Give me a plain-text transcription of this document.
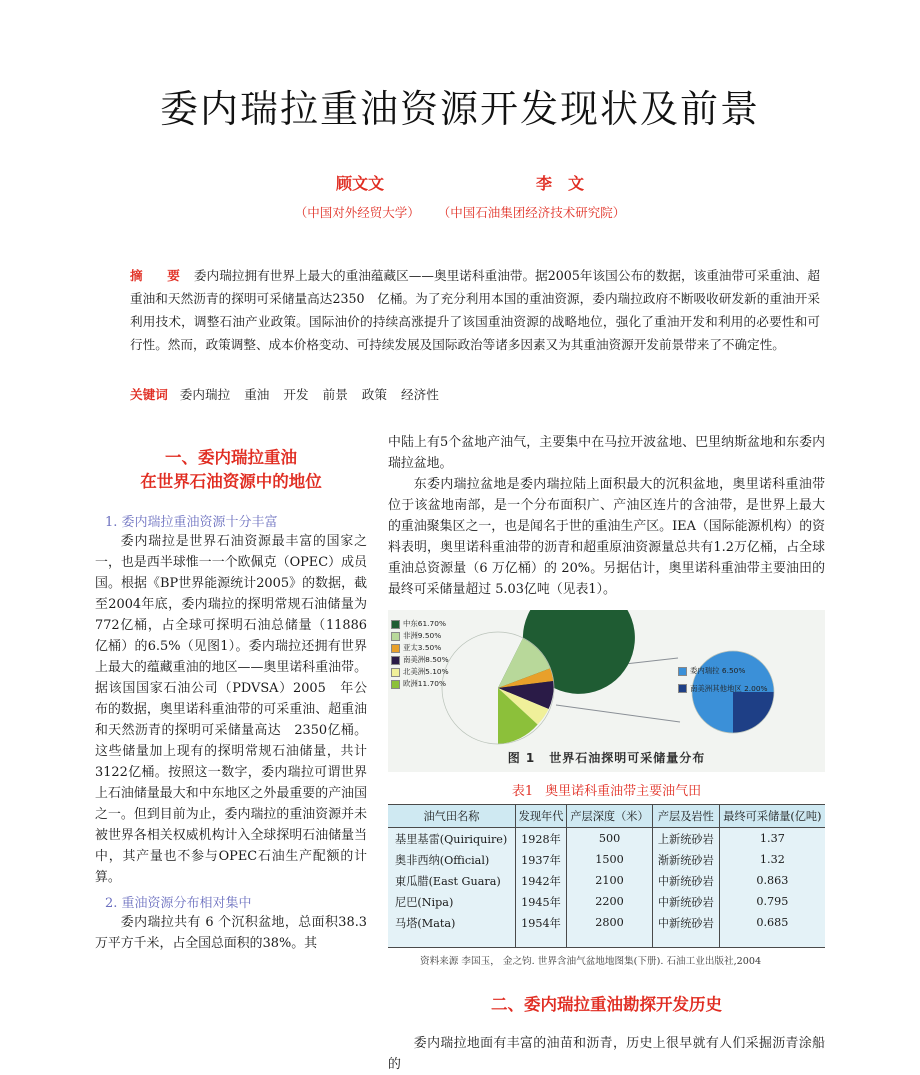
委内瑞拉重油资源开发现状及前景
顾文文	李　文
（中国对外经贸大学） （中国石油集团经济技术研究院）
摘　要 委内瑞拉拥有世界上最大的重油蕴藏区——奥里诺科重油带。据2005年该国公布的数据，该重油带可采重油、超重油和天然沥青的探明可采储量高达2350　亿桶。为了充分利用本国的重油资源，委内瑞拉政府不断吸收研发新的重油开采利用技术，调整石油产业政策。国际油价的持续高涨提升了该国重油资源的战略地位，强化了重油开发和利用的必要性和可行性。然而，政策调整、成本价格变动、可持续发展及国际政治等诸多因素又为其重油资源开发前景带来了不确定性。
关键词 委内瑞拉 重油 开发 前景 政策 经济性
一、委内瑞拉重油
在世界石油资源中的地位
1. 委内瑞拉重油资源十分丰富

委内瑞拉是世界石油资源最丰富的国家之一，也是西半球惟一一个欧佩克（OPEC）成员国。根据《BP世界能源统计2005》的数据，截至2004年底，委内瑞拉的探明常规石油储量为772亿桶，占全球可探明石油总储量（11886　亿桶）的6.5%（见图1）。委内瑞拉还拥有世界上最大的蕴藏重油的地区——奥里诺科重油带。据该国国家石油公司（PDVSA）2005　年公布的数据，奥里诺科重油带的可采重油、超重油和天然沥青的探明可采储量高达　2350亿桶。这些储量加上现有的探明常规石油储量，共计3122亿桶。按照这一数字，委内瑞拉可谓世界上石油储量最大和中东地区之外最重要的产油国之一。但到目前为止，委内瑞拉的重油资源并未被世界各相关权威机构计入全球探明石油储量当中，其产量也不参与OPEC石油生产配额的计算。

2. 重油资源分布相对集中

委内瑞拉共有 6 个沉积盆地，总面积38.3万平方千米，占全国总面积的38%。其

中陆上有5个盆地产油气，主要集中在马拉开波盆地、巴里纳斯盆地和东委内瑞拉盆地。

东委内瑞拉盆地是委内瑞拉陆上面积最大的沉积盆地，奥里诺科重油带位于该盆地南部，是一个分布面积广、产油区连片的含油带，是世界上最大的重油聚集区之一，也是闻名于世的重油生产区。IEA（国际能源机构）的资料表明，奥里诺科重油带的沥青和超重原油资源量总共有1.2万亿桶，占全球重油总资源量（6 万亿桶）的 20%。另据估计，奥里诺科重油带主要油田的最终可采储量超过 5.03亿吨（见表1）。

中东61.70%
非洲9.50%
亚太3.50%
南美洲8.50%
北美洲5.10%
欧洲11.70%
委内瑞拉 6.50%
南美洲其他地区 2.00%
图 1 世界石油探明可采储量分布
表1 奥里诺科重油带主要油气田
油气田名称	发现年代	产层深度（米）	产层及岩性	最终可采储量(亿吨)
基里基雷(Quiriquire)	1928年	500	上新统砂岩	1.37
奥非西纳(Official)	1937年	1500	渐新统砂岩	1.32
東瓜腊(East Guara)	1942年	2100	中新统砂岩	0.863
尼巴(Nipa)	1945年	2200	中新统砂岩	0.795
马塔(Mata)	1954年	2800	中新统砂岩	0.685

资料来源 李国玉， 金之钧. 世界含油气盆地地图集(下册). 石油工业出版社,2004
二、委内瑞拉重油勘探开发历史

委内瑞拉地面有丰富的油苗和沥青，历史上很早就有人们采掘沥青涂船的
